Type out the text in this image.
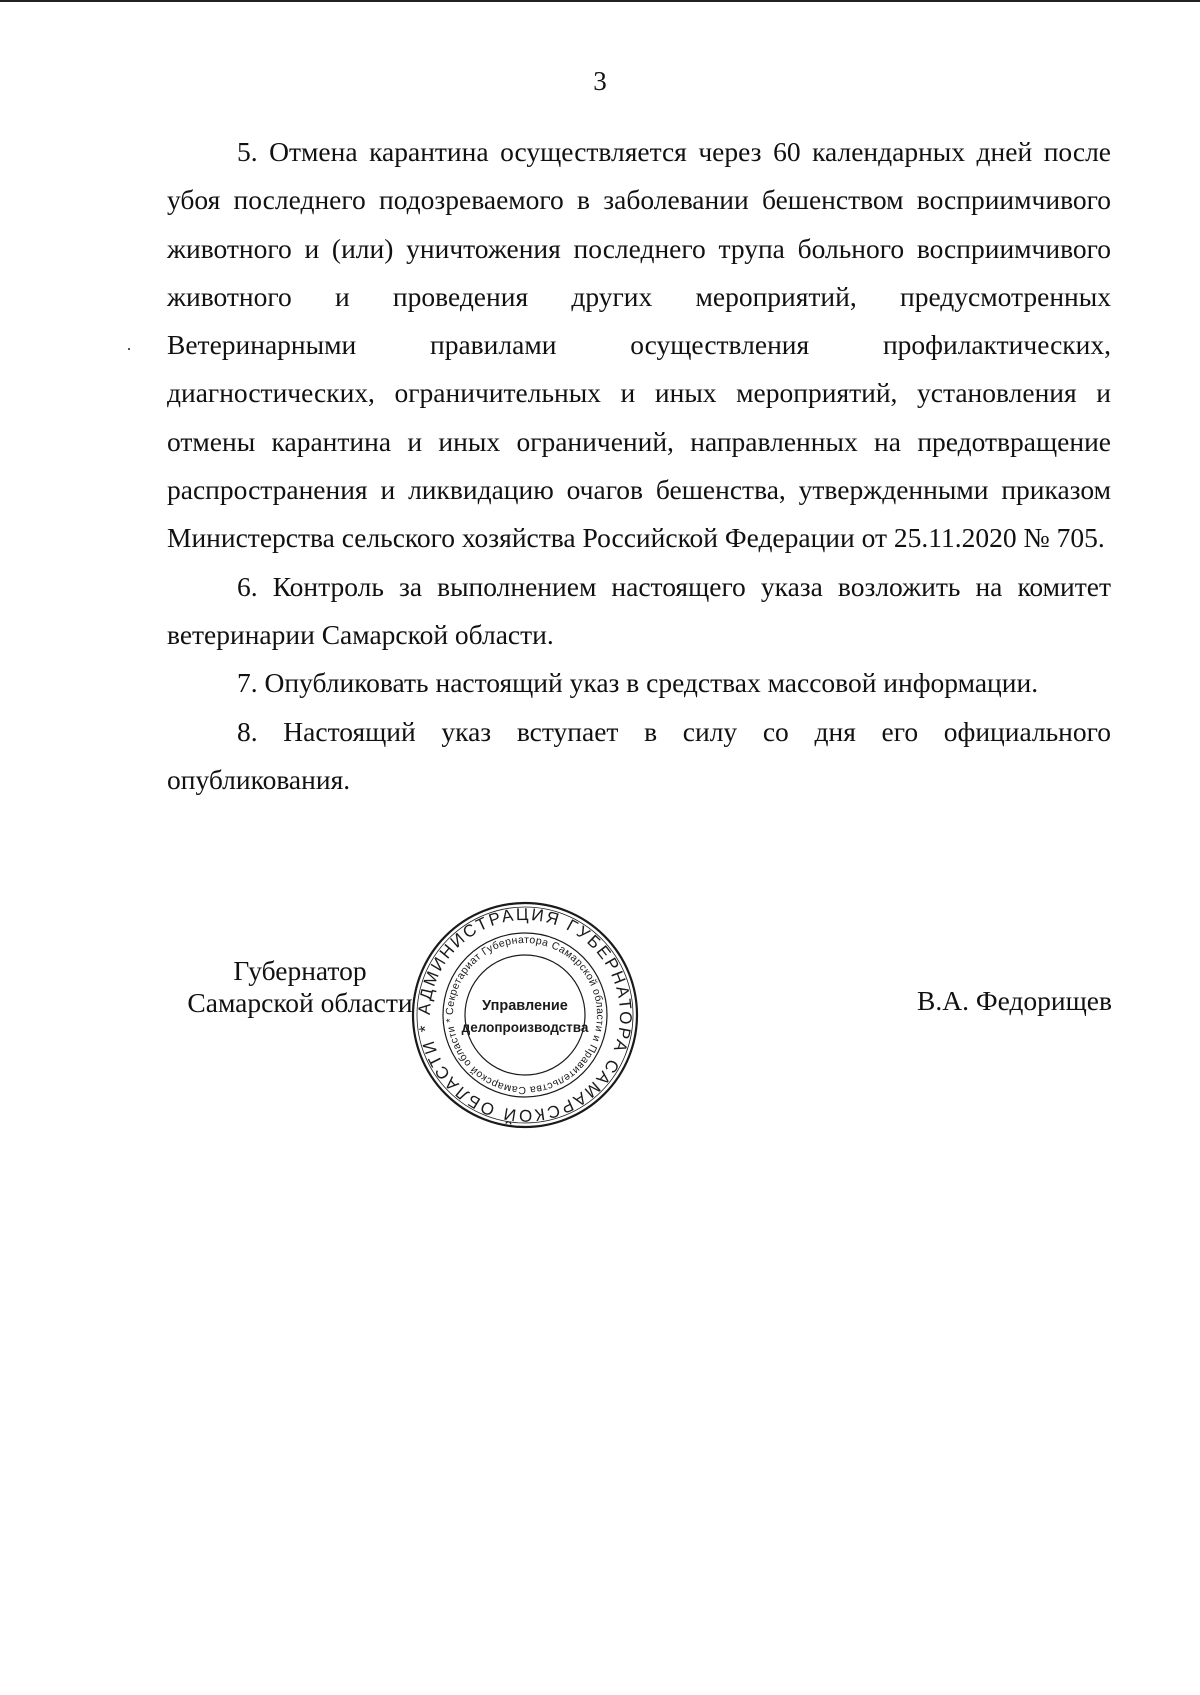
3

5. Отмена карантина осуществляется через 60 календарных дней после убоя последнего подозреваемого в заболевании бешенством восприимчивого животного и (или) уничтожения последнего трупа больного восприимчивого животного и проведения других мероприятий, предусмотренных Ветеринарными правилами осуществления профилактических, диагностических, ограничительных и иных мероприятий, установления и отмены карантина и иных ограничений, направленных на предотвращение распространения и ликвидацию очагов бешенства, утвержденными приказом Министерства сельского хозяйства Российской Федерации от 25.11.2020 № 705.

6. Контроль за выполнением настоящего указа возложить на комитет ветеринарии Самарской области.

7. Опубликовать настоящий указ в средствах массовой информации.

8. Настоящий указ вступает в силу со дня его официального опубликования.

Губернатор
Самарской области	В.А. Федорищев
АДМИНИСТРАЦИЯ ГУБЕРНАТОРА САМАРСКОЙ ОБЛАСТИ *
Секретариат Губернатора Самарской области и Правительства Самарской области *
Управление
делопроизводства
